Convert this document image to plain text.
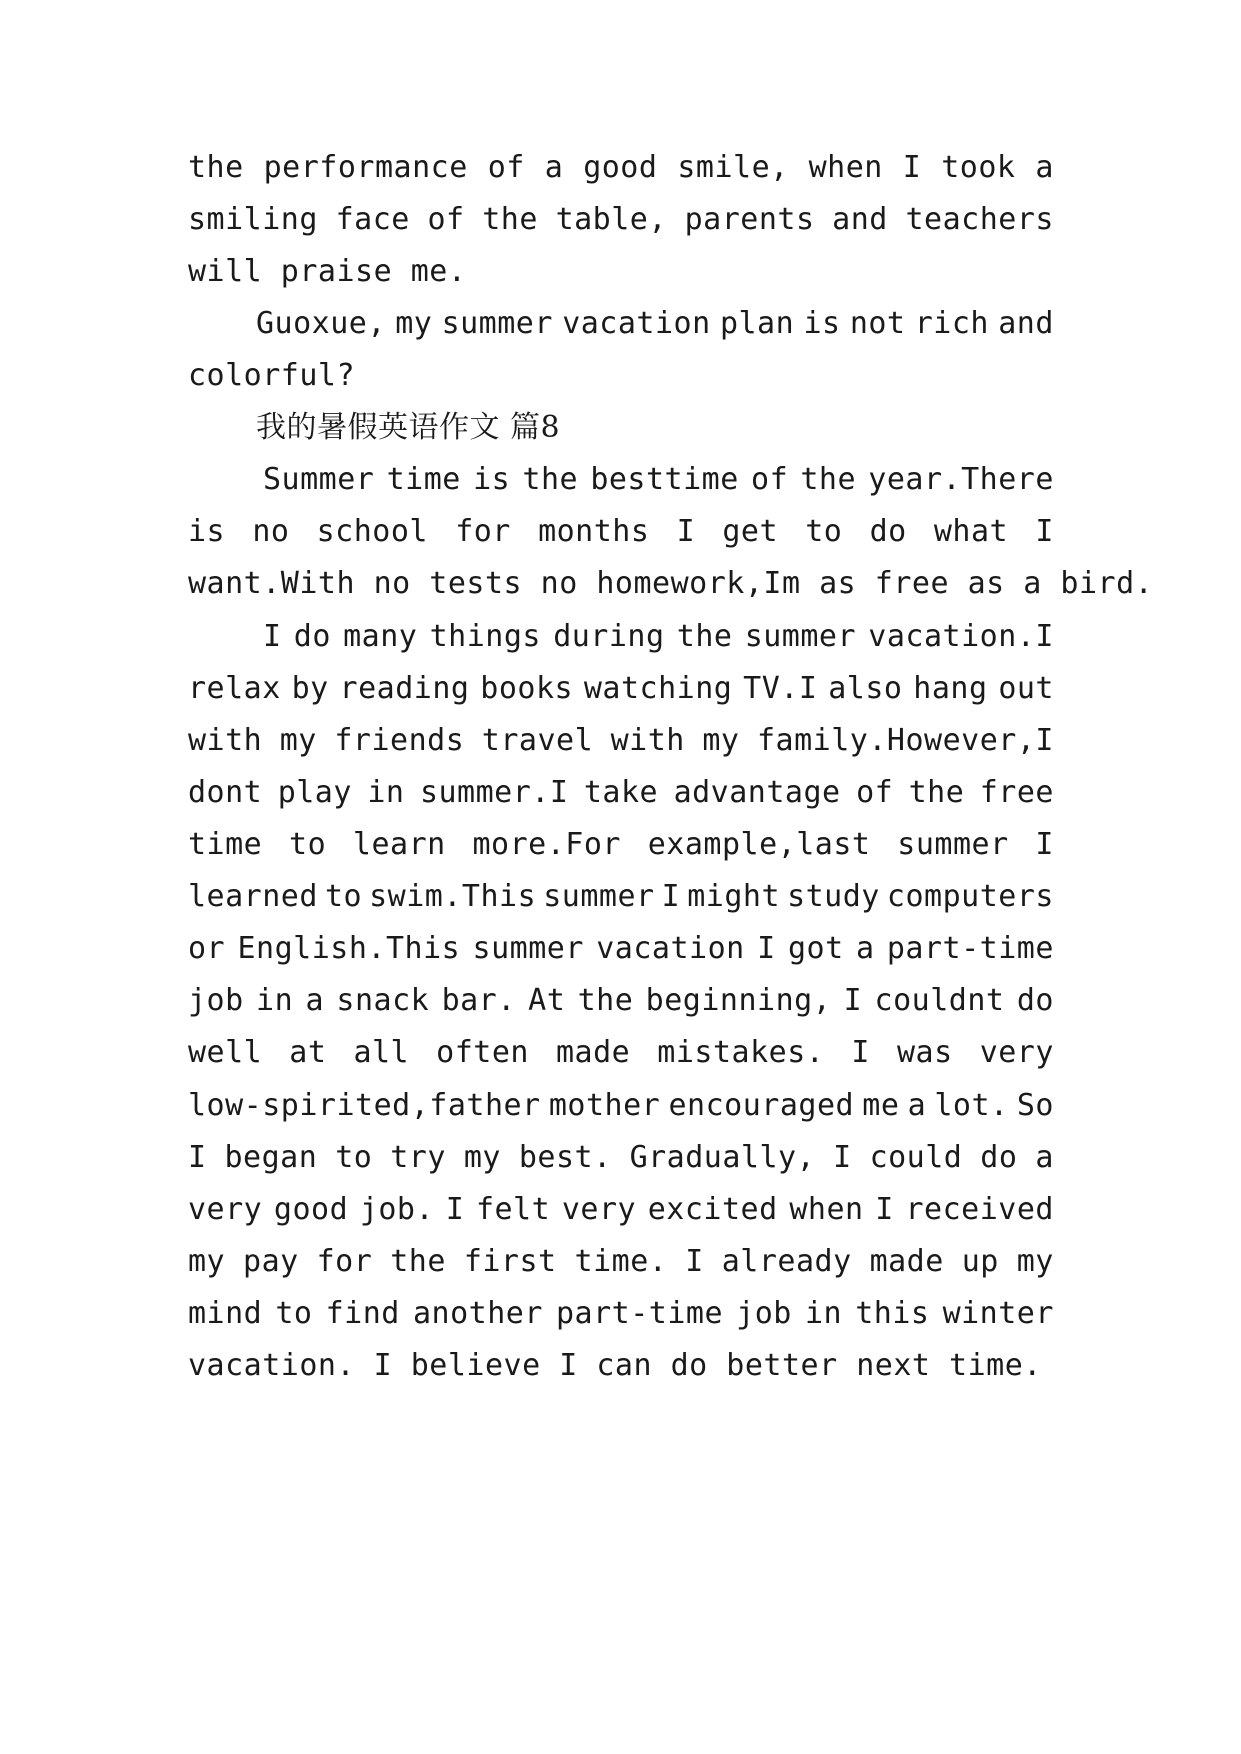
the performance of a good smile, when I took a
smiling face of the table, parents and teachers
will praise me.
Guoxue, my summer vacation plan is not rich and
colorful?
我的暑假英语作文 篇8
Summer time is the besttime of the year.There
is no school for months I get to do what I
want.With no tests no homework,Im as free as a bird.
I do many things during the summer vacation.I
relax by reading books watching TV.I also hang out
with my friends travel with my family.However,I
dont play in summer.I take advantage of the free
time to learn more.For example,last summer I
learned to swim.This summer I might study computers
or English.This summer vacation I got a part-time
job in a snack bar. At the beginning, I couldnt do
well at all often made mistakes. I was very
low-spirited,father mother encouraged me a lot. So
I began to try my best. Gradually, I could do a
very good job. I felt very excited when I received
my pay for the first time. I already made up my
mind to find another part-time job in this winter
vacation. I believe I can do better next time.
